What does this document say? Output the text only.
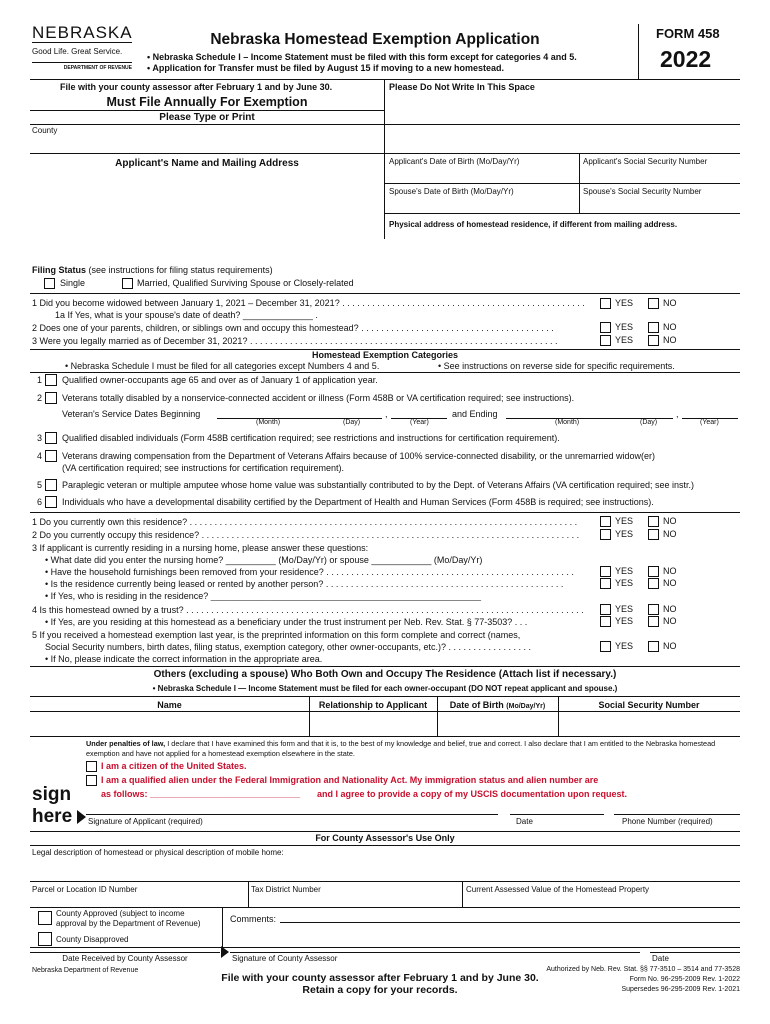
NEBRASKA
Good Life. Great Service.
DEPARTMENT OF REVENUE
Nebraska Homestead Exemption Application
• Nebraska Schedule I – Income Statement must be filed with this form except for categories 4 and 5.
• Application for Transfer must be filed by August 15 if moving to a new homestead.
FORM 458
2022
File with your county assessor after February 1 and by June 30.	Please Do Not Write In This Space
Must File Annually For Exemption
Please Type or Print
County
Applicant's Name and Mailing Address	Applicant's Date of Birth (Mo/Day/Yr)	Applicant's Social Security Number
Spouse's Date of Birth (Mo/Day/Yr)	Spouse's Social Security Number
Physical address of homestead residence, if different from mailing address.
Filing Status (see instructions for filing status requirements)
Single	Married, Qualified Surviving Spouse or Closely-related
1 Did you become widowed between January 1, 2021 – December 31, 2021? . . . . . . . . . . . . . . . . . . . . . . . . . . . . . . . . . . . . . . . . . . . . . . . . .	YES	NO
1a If Yes, what is your spouse's date of death? ______________ .
2 Does one of your parents, children, or siblings own and occupy this homestead? . . . . . . . . . . . . . . . . . . . . . . . . . . . . . . . . . . . . . . .	YES	NO
3 Were you legally married as of December 31, 2021? . . . . . . . . . . . . . . . . . . . . . . . . . . . . . . . . . . . . . . . . . . . . . . . . . . . . . . . . . . . . . .	YES	NO
Homestead Exemption Categories
• Nebraska Schedule I must be filed for all categories except Numbers 4 and 5.	• See instructions on reverse side for specific requirements.
1 Qualified owner-occupants age 65 and over as of January 1 of application year.
2 Veterans totally disabled by a nonservice-connected accident or illness (Form 458B or VA certification required; see instructions).
Veteran's Service Dates Beginning	,	and Ending	,
(Month)	(Day)	(Year)	(Month)	(Day)	(Year)
3 Qualified disabled individuals (Form 458B certification required; see restrictions and instructions for certification requirement).
4 Veterans drawing compensation from the Department of Veterans Affairs because of 100% service-connected disability, or the unremarried widow(er)
(VA certification required; see instructions for certification requirement).
5 Paraplegic veteran or multiple amputee whose home value was substantially contributed to by the Dept. of Veterans Affairs (VA certification required; see instr.)
6 Individuals who have a developmental disability certified by the Department of Health and Human Services (Form 458B is required; see instructions).
1 Do you currently own this residence? . . . . . . . . . . . . . . . . . . . . . . . . . . . . . . . . . . . . . . . . . . . . . . . . . . . . . . . . . . . . . . . . . . . . . . . . . . . . . .	YES	NO
2 Do you currently occupy this residence? . . . . . . . . . . . . . . . . . . . . . . . . . . . . . . . . . . . . . . . . . . . . . . . . . . . . . . . . . . . . . . . . . . . . . . . . . . . .	YES	NO
3 If applicant is currently residing in a nursing home, please answer these questions:
• What date did you enter the nursing home? __________ (Mo/Day/Yr) or spouse ____________ (Mo/Day/Yr)
• Have the household furnishings been removed from your residence? . . . . . . . . . . . . . . . . . . . . . . . . . . . . . . . . . . . . . . . . . . . . . . . . . .	YES	NO
• Is the residence currently being leased or rented by another person? . . . . . . . . . . . . . . . . . . . . . . . . . . . . . . . . . . . . . . . . . . . . . . . .	YES	NO
• If Yes, who is residing in the residence? ______________________________________________________
4 Is this homestead owned by a trust? . . . . . . . . . . . . . . . . . . . . . . . . . . . . . . . . . . . . . . . . . . . . . . . . . . . . . . . . . . . . . . . . . . . . . . . . . . . . . . . .	YES	NO
• If Yes, are you residing at this homestead as a beneficiary under the trust instrument per Neb. Rev. Stat. § 77-3503? . . .	YES	NO
5 If you received a homestead exemption last year, is the preprinted information on this form complete and correct (names,
Social Security numbers, birth dates, filing status, exemption category, other owner-occupants, etc.)? . . . . . . . . . . . . . . . . .	YES	NO
• If No, please indicate the correct information in the appropriate area.
Others (excluding a spouse) Who Both Own and Occupy The Residence (Attach list if necessary.)
• Nebraska Schedule I — Income Statement must be filed for each owner-occupant (DO NOT repeat applicant and spouse.)
Name	Relationship to Applicant	Date of Birth (Mo/Day/Yr)	Social Security Number
Under penalties of law, I declare that I have examined this form and that it is, to the best of my knowledge and belief, true and correct. I also declare that I am entitled to the Nebraska homestead exemption and have not applied for a homestead exemption elsewhere in the state.
I am a citizen of the United States.
I am a qualified alien under the Federal Immigration and Nationality Act. My immigration status and alien number are
as follows: ______________________________ and I agree to provide a copy of my USCIS documentation upon request.
sign
here Signature of Applicant (required)	Date	Phone Number (required)
For County Assessor's Use Only
Legal description of homestead or physical description of mobile home:
Parcel or Location ID Number	Tax District Number	Current Assessed Value of the Homestead Property
County Approved (subject to income
approval by the Department of Revenue)	Comments:
County Disapproved
Date Received by County Assessor	Signature of County Assessor	Date
Nebraska Department of Revenue
File with your county assessor after February 1 and by June 30.
Retain a copy for your records.
Authorized by Neb. Rev. Stat. §§ 77-3510 – 3514 and 77-3528
Form No. 96-295-2009 Rev. 1-2022
Supersedes 96-295-2009 Rev. 1-2021
